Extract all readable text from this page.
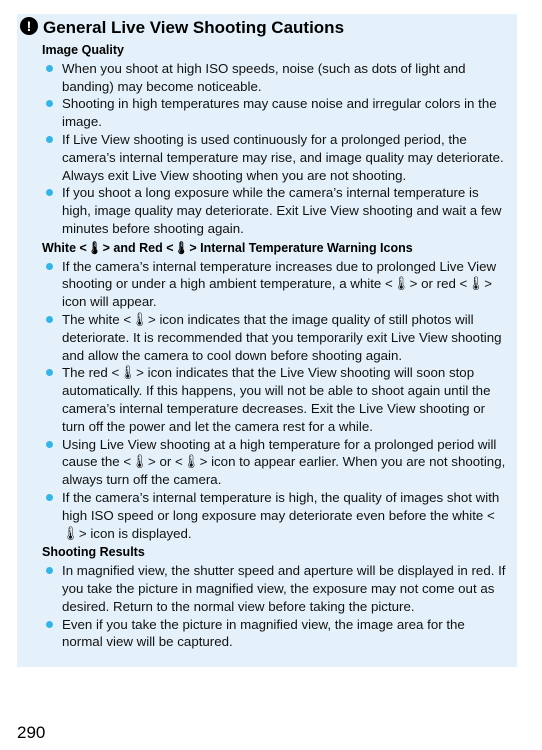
! General Live View Shooting Cautions
Image Quality
When you shoot at high ISO speeds, noise (such as dots of light and banding) may become noticeable.
Shooting in high temperatures may cause noise and irregular colors in the image.
If Live View shooting is used continuously for a prolonged period, the camera’s internal temperature may rise, and image quality may deteriorate. Always exit Live View shooting when you are not shooting.
If you shoot a long exposure while the camera’s internal temperature is high, image quality may deteriorate. Exit Live View shooting and wait a few minutes before shooting again.
White <🌡> and Red <🌡> Internal Temperature Warning Icons
If the camera’s internal temperature increases due to prolonged Live View shooting or under a high ambient temperature, a white <🌡> or red <🌡> icon will appear.
The white <🌡> icon indicates that the image quality of still photos will deteriorate. It is recommended that you temporarily exit Live View shooting and allow the camera to cool down before shooting again.
The red <🌡> icon indicates that the Live View shooting will soon stop automatically. If this happens, you will not be able to shoot again until the camera’s internal temperature decreases. Exit the Live View shooting or turn off the power and let the camera rest for a while.
Using Live View shooting at a high temperature for a prolonged period will cause the <🌡> or <🌡> icon to appear earlier. When you are not shooting, always turn off the camera.
If the camera’s internal temperature is high, the quality of images shot with high ISO speed or long exposure may deteriorate even before the white <🌡> icon is displayed.
Shooting Results
In magnified view, the shutter speed and aperture will be displayed in red. If you take the picture in magnified view, the exposure may not come out as desired. Return to the normal view before taking the picture.
Even if you take the picture in magnified view, the image area for the normal view will be captured.
290
